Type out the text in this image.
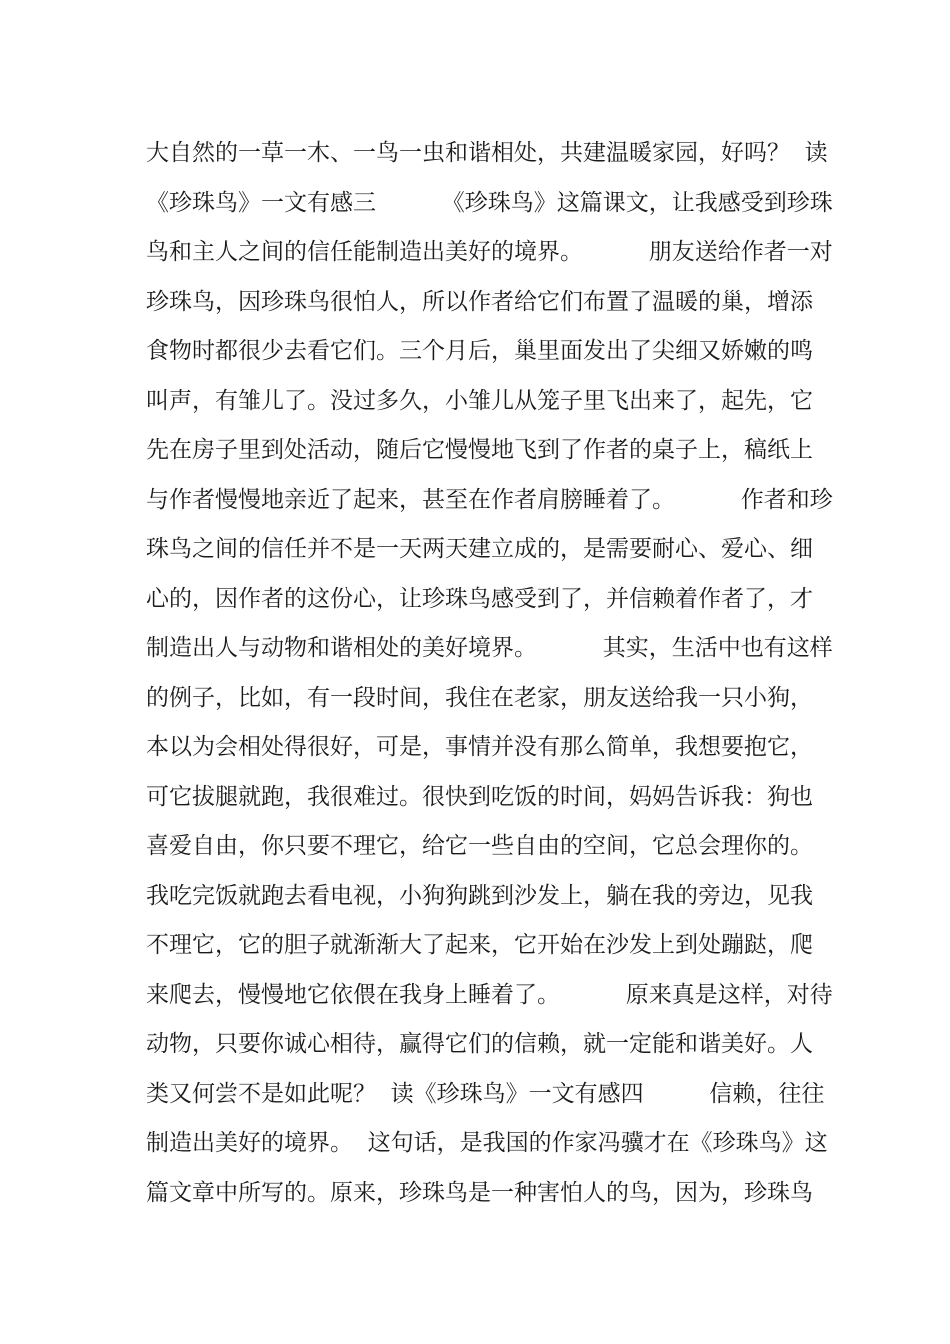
大自然的一草一木、一鸟一虫和谐相处，共建温暖家园，好吗？  读
《珍珠鸟》一文有感三         《珍珠鸟》这篇课文，让我感受到珍珠
鸟和主人之间的信任能制造出美好的境界。         朋友送给作者一对
珍珠鸟，因珍珠鸟很怕人，所以作者给它们布置了温暖的巢，增添
食物时都很少去看它们。三个月后，巢里面发出了尖细又娇嫩的鸣
叫声，有雏儿了。没过多久，小雏儿从笼子里飞出来了，起先，它
先在房子里到处活动，随后它慢慢地飞到了作者的桌子上，稿纸上
与作者慢慢地亲近了起来，甚至在作者肩膀睡着了。         作者和珍
珠鸟之间的信任并不是一天两天建立成的，是需要耐心、爱心、细
心的，因作者的这份心，让珍珠鸟感受到了，并信赖着作者了，才
制造出人与动物和谐相处的美好境界。         其实，生活中也有这样
的例子，比如，有一段时间，我住在老家，朋友送给我一只小狗，
本以为会相处得很好，可是，事情并没有那么简单，我想要抱它，
可它拔腿就跑，我很难过。很快到吃饭的时间，妈妈告诉我：狗也
喜爱自由，你只要不理它，给它一些自由的空间，它总会理你的。
我吃完饭就跑去看电视，小狗狗跳到沙发上，躺在我的旁边，见我
不理它，它的胆子就渐渐大了起来，它开始在沙发上到处蹦跶，爬
来爬去，慢慢地它依偎在我身上睡着了。         原来真是这样，对待
动物，只要你诚心相待，赢得它们的信赖，就一定能和谐美好。人
类又何尝不是如此呢？  读《珍珠鸟》一文有感四         信赖，往往
制造出美好的境界。  这句话，是我国的作家冯骥才在《珍珠鸟》这
篇文章中所写的。原来，珍珠鸟是一种害怕人的鸟，因为，珍珠鸟
